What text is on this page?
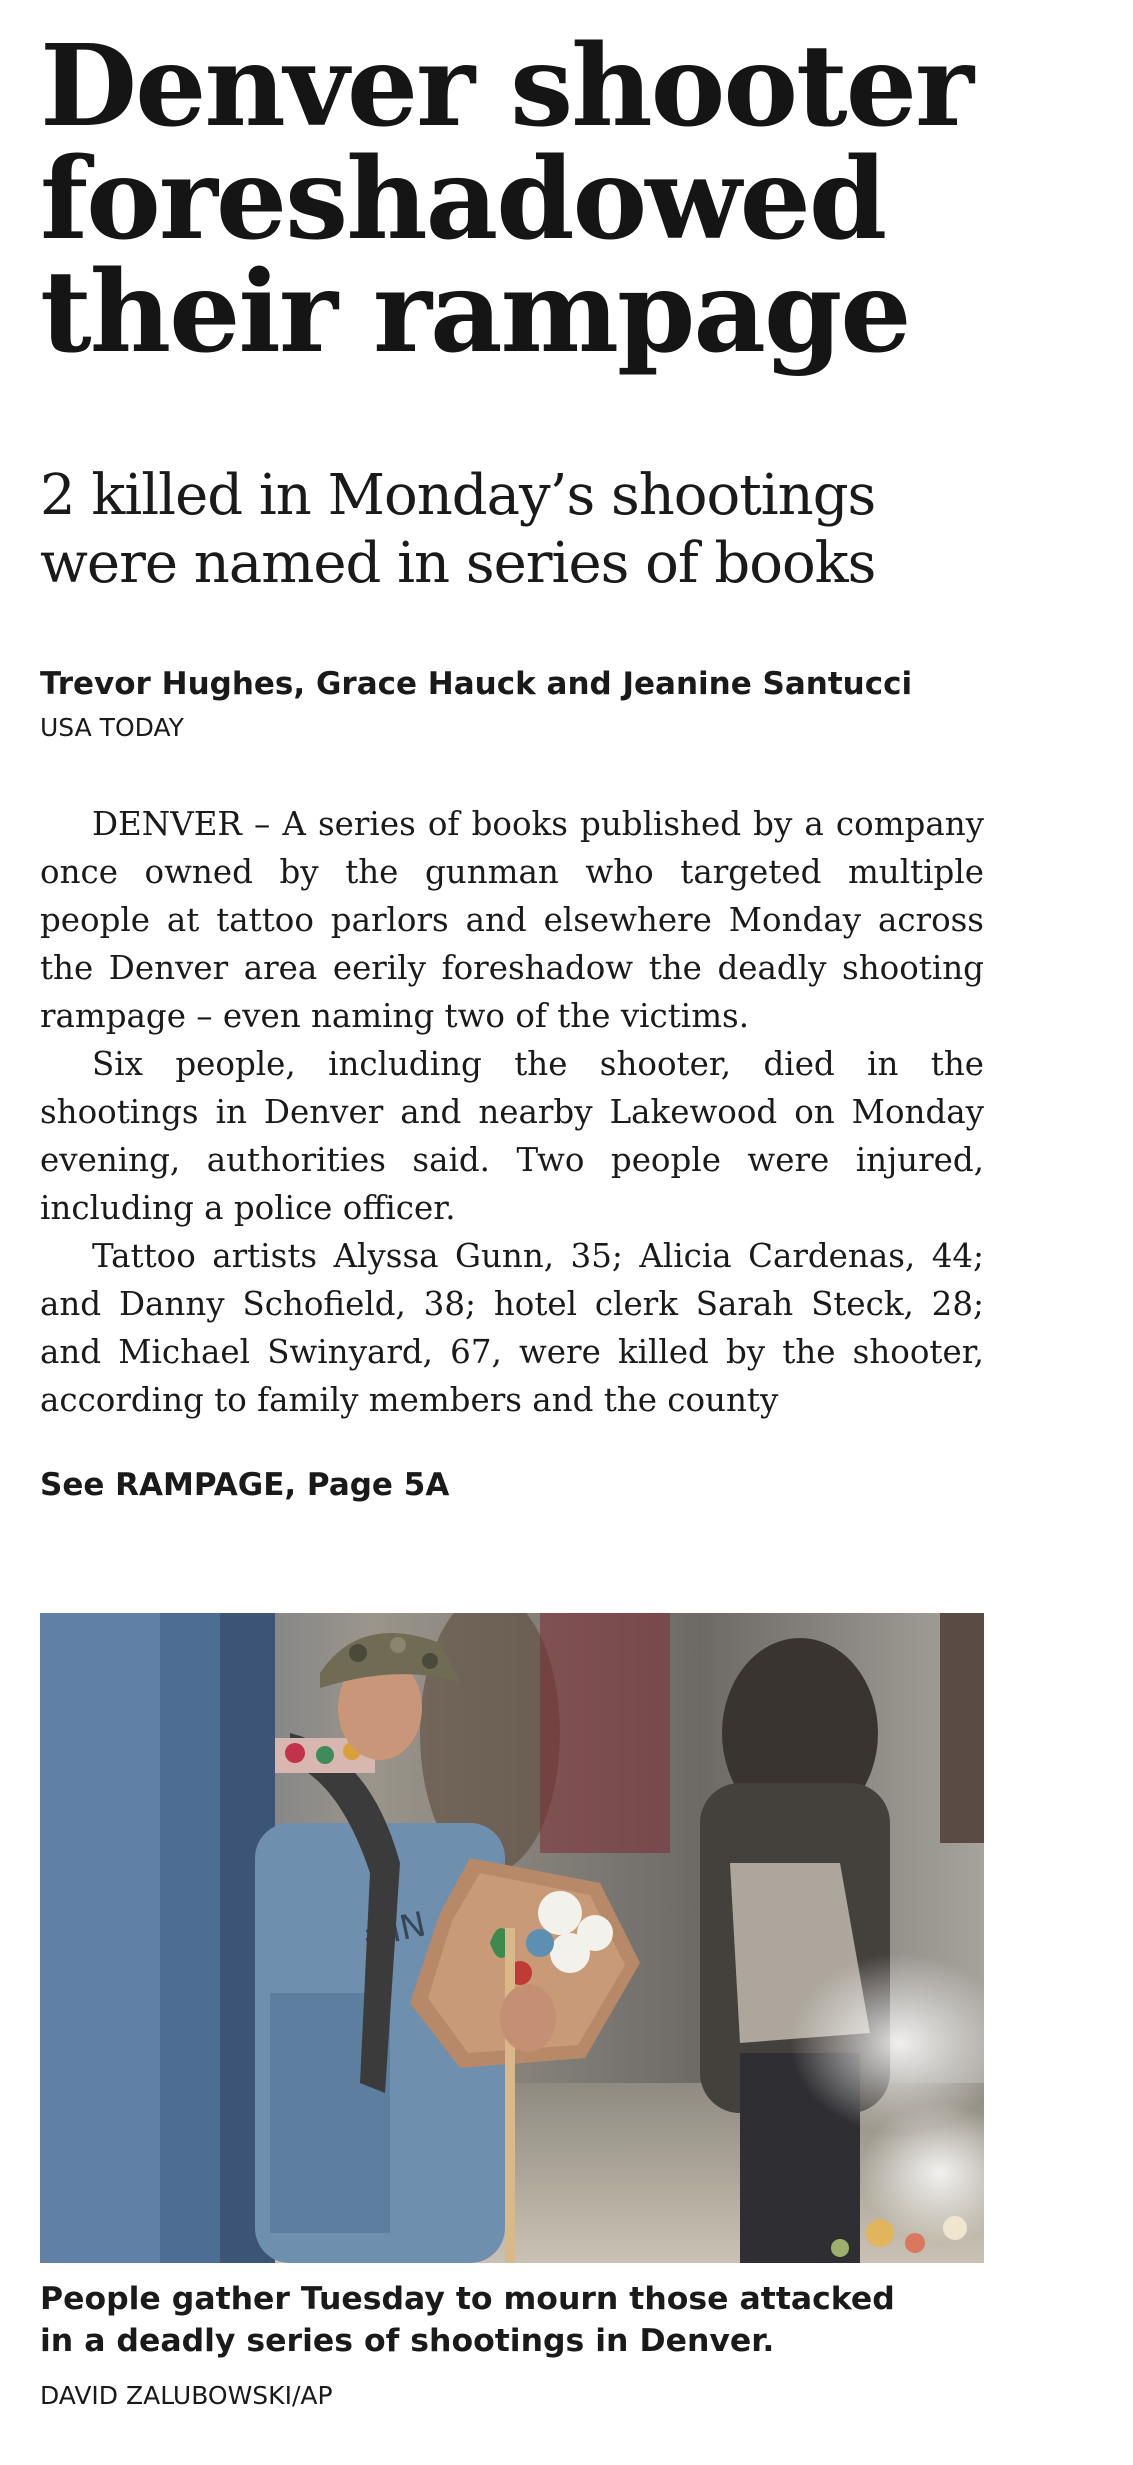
Denver shooter
foreshadowed
their rampage
2 killed in Monday’s shootings
were named in series of books
Trevor Hughes, Grace Hauck and Jeanine Santucci
USA TODAY

DENVER – A series of books published by a company once owned by the gunman who targeted multiple people at tattoo parlors and elsewhere Monday across the Denver area eerily foreshadow the deadly shooting rampage – even naming two of the victims.

Six people, including the shooter, died in the shootings in Denver and nearby Lakewood on Monday evening, authorities said. Two people were injured, including a police officer.

Tattoo artists Alyssa Gunn, 35; Alicia Cardenas, 44; and Danny Schofield, 38; hotel clerk Sarah Steck, 28; and Michael Swinyard, 67, were killed by the shooter, according to family members and the county

See RAMPAGE, Page 5A
People gather Tuesday to mourn those attacked
in a deadly series of shootings in Denver.
DAVID ZALUBOWSKI/AP
